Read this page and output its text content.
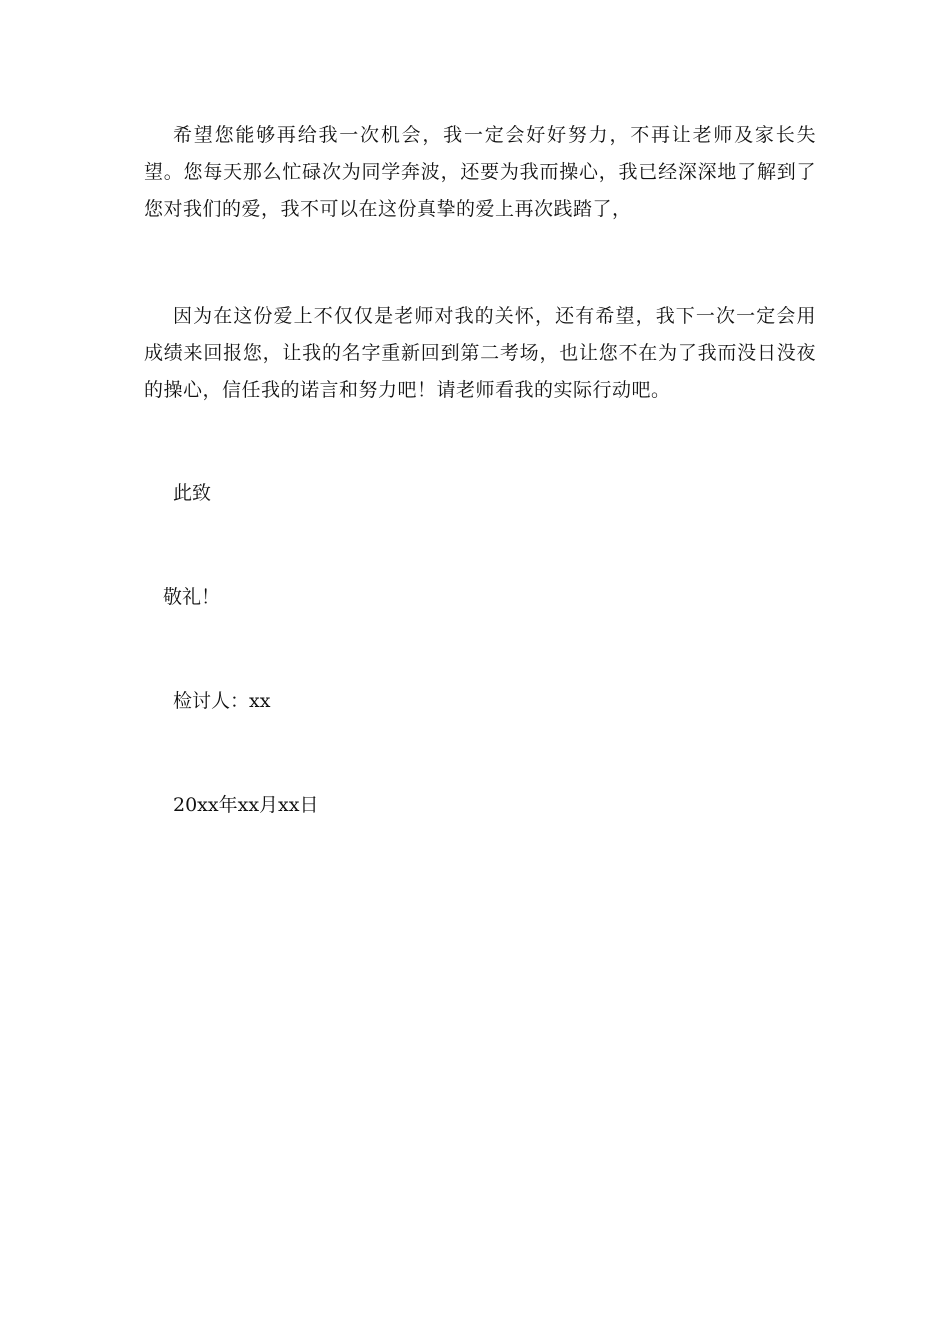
希望您能够再给我一次机会，我一定会好好努力，不再让老师及家长失望。您每天那么忙碌次为同学奔波，还要为我而操心，我已经深深地了解到了您对我们的爱，我不可以在这份真挚的爱上再次践踏了，

因为在这份爱上不仅仅是老师对我的关怀，还有希望，我下一次一定会用成绩来回报您，让我的名字重新回到第二考场，也让您不在为了我而没日没夜的操心，信任我的诺言和努力吧！请老师看我的实际行动吧。

此致

敬礼！

检讨人：xx

20xx年xx月xx日
